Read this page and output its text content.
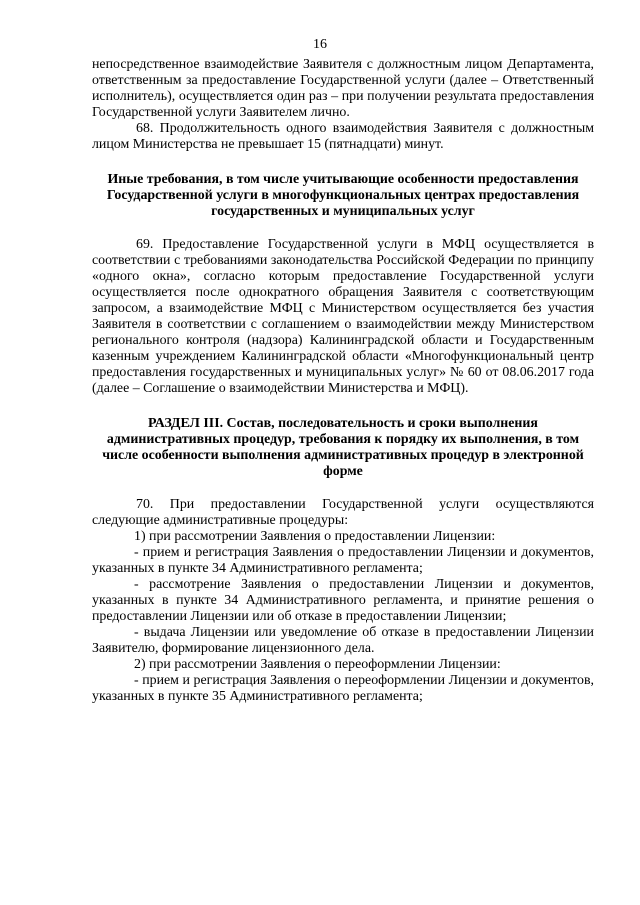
16

непосредственное взаимодействие Заявителя с должностным лицом Департамента, ответственным за предоставление Государственной услуги (далее – Ответственный исполнитель), осуществляется один раз – при получении результата предоставления Государственной услуги Заявителем лично.

68. Продолжительность одного взаимодействия Заявителя с должностным лицом Министерства не превышает 15 (пятнадцати) минут.

Иные требования, в том числе учитывающие особенности предоставления Государственной услуги в многофункциональных центрах предоставления государственных и муниципальных услуг

69. Предоставление Государственной услуги в МФЦ осуществляется в соответствии с требованиями законодательства Российской Федерации по принципу «одного окна», согласно которым предоставление Государственной услуги осуществляется после однократного обращения Заявителя с соответствующим запросом, а взаимодействие МФЦ с Министерством осуществляется без участия Заявителя в соответствии с соглашением о взаимодействии между Министерством регионального контроля (надзора) Калининградской области и Государственным казенным учреждением Калининградской области «Многофункциональный центр предоставления государственных и муниципальных услуг» № 60 от 08.06.2017 года (далее – Соглашение о взаимодействии Министерства и МФЦ).

РАЗДЕЛ III. Состав, последовательность и сроки выполнения административных процедур, требования к порядку их выполнения, в том числе особенности выполнения административных процедур в электронной форме

70. При предоставлении Государственной услуги осуществляются следующие административные процедуры:

1) при рассмотрении Заявления о предоставлении Лицензии:

- прием и регистрация Заявления о предоставлении Лицензии и документов, указанных в пункте 34 Административного регламента;

- рассмотрение Заявления о предоставлении Лицензии и документов, указанных в пункте 34 Административного регламента, и принятие решения о предоставлении Лицензии или об отказе в предоставлении Лицензии;

- выдача Лицензии или уведомление об отказе в предоставлении Лицензии Заявителю, формирование лицензионного дела.

2) при рассмотрении Заявления о переоформлении Лицензии:

- прием и регистрация Заявления о переоформлении Лицензии и документов, указанных в пункте 35 Административного регламента;
